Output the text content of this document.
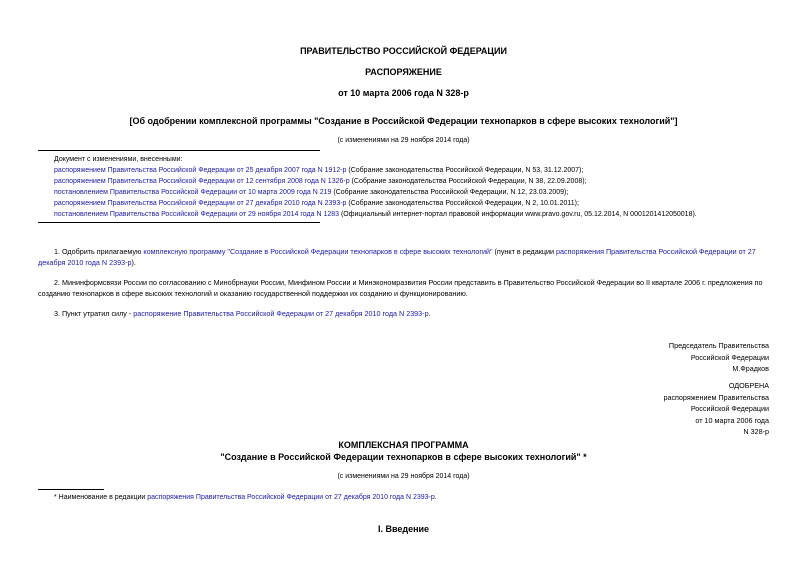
ПРАВИТЕЛЬСТВО РОССИЙСКОЙ ФЕДЕРАЦИИ
РАСПОРЯЖЕНИЕ
от 10 марта 2006 года N 328-р
[Об одобрении комплексной программы "Создание в Российской Федерации технопарков в сфере высоких технологий"]
(с изменениями на 29 ноября 2014 года)
Документ с изменениями, внесенными:
распоряжением Правительства Российской Федерации от 25 декабря 2007 года N 1912-р (Собрание законодательства Российской Федерации, N 53, 31.12.2007);
распоряжением Правительства Российской Федерации от 12 сентября 2008 года N 1326-р (Собрание законодательства Российской Федерации, N 38, 22.09.2008);
постановлением Правительства Российской Федерации от 10 марта 2009 года N 219 (Собрание законодательства Российской Федерации, N 12, 23.03.2009);
распоряжением Правительства Российской Федерации от 27 декабря 2010 года N 2393-р (Собрание законодательства Российской Федерации, N 2, 10.01.2011);
постановлением Правительства Российской Федерации от 29 ноября 2014 года N 1283 (Официальный интернет-портал правовой информации www.pravo.gov.ru, 05.12.2014, N 0001201412050018).
1. Одобрить прилагаемую комплексную программу "Создание в Российской Федерации технопарков в сфере высоких технологий" (пункт в редакции распоряжения Правительства Российской Федерации от 27 декабря 2010 года N 2393-р).
2. Мининформсвязи России по согласованию с Минобрнауки России, Минфином России и Минэкономразвития России представить в Правительство Российской Федерации во II квартале 2006 г. предложения по созданию технопарков в сфере высоких технологий и оказанию государственной поддержки их созданию и функционированию.
3. Пункт утратил силу - распоряжение Правительства Российской Федерации от 27 декабря 2010 года N 2393-р.
Председатель Правительства
Российской Федерации
М.Фрадков
ОДОБРЕНА
распоряжением Правительства
Российской Федерации
от 10 марта 2006 года
N 328-р
КОМПЛЕКСНАЯ ПРОГРАММА
"Создание в Российской Федерации технопарков в сфере высоких технологий" *
(с изменениями на 29 ноября 2014 года)
* Наименование в редакции распоряжения Правительства Российской Федерации от 27 декабря 2010 года N 2393-р.
I. Введение
